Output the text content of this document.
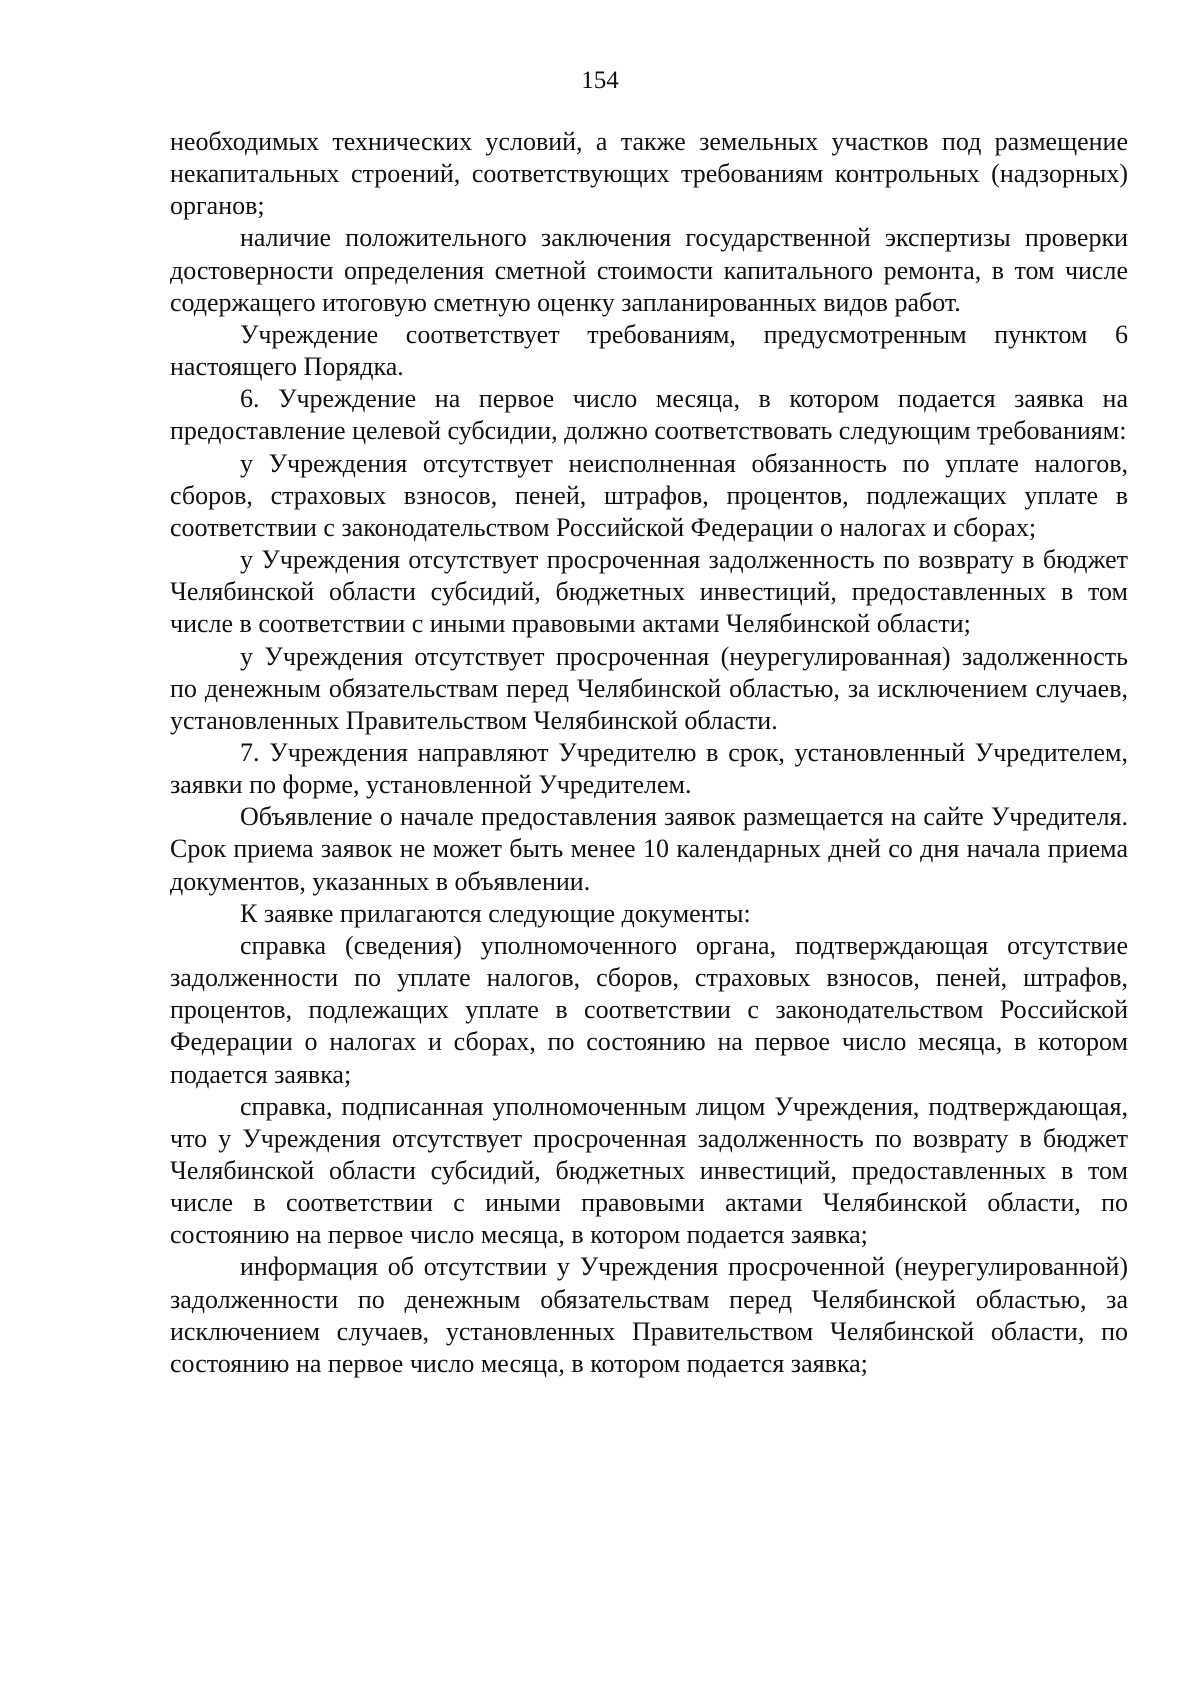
154

необходимых технических условий, а также земельных участков под размещение некапитальных строений, соответствующих требованиям контрольных (надзорных) органов;

наличие положительного заключения государственной экспертизы проверки достоверности определения сметной стоимости капитального ремонта, в том числе содержащего итоговую сметную оценку запланированных видов работ.

Учреждение соответствует требованиям, предусмотренным пунктом 6 настоящего Порядка.

6. Учреждение на первое число месяца, в котором подается заявка на предоставление целевой субсидии, должно соответствовать следующим требованиям:

у Учреждения отсутствует неисполненная обязанность по уплате налогов, сборов, страховых взносов, пеней, штрафов, процентов, подлежащих уплате в соответствии с законодательством Российской Федерации о налогах и сборах;

у Учреждения отсутствует просроченная задолженность по возврату в бюджет Челябинской области субсидий, бюджетных инвестиций, предоставленных в том числе в соответствии с иными правовыми актами Челябинской области;

у Учреждения отсутствует просроченная (неурегулированная) задолженность по денежным обязательствам перед Челябинской областью, за исключением случаев, установленных Правительством Челябинской области.

7. Учреждения направляют Учредителю в срок, установленный Учредителем, заявки по форме, установленной Учредителем.

Объявление о начале предоставления заявок размещается на сайте Учредителя. Срок приема заявок не может быть менее 10 календарных дней со дня начала приема документов, указанных в объявлении.

К заявке прилагаются следующие документы:

справка (сведения) уполномоченного органа, подтверждающая отсутствие задолженности по уплате налогов, сборов, страховых взносов, пеней, штрафов, процентов, подлежащих уплате в соответствии с законодательством Российской Федерации о налогах и сборах, по состоянию на первое число месяца, в котором подается заявка;

справка, подписанная уполномоченным лицом Учреждения, подтверждающая, что у Учреждения отсутствует просроченная задолженность по возврату в бюджет Челябинской области субсидий, бюджетных инвестиций, предоставленных в том числе в соответствии с иными правовыми актами Челябинской области, по состоянию на первое число месяца, в котором подается заявка;

информация об отсутствии у Учреждения просроченной (неурегулированной) задолженности по денежным обязательствам перед Челябинской областью, за исключением случаев, установленных Правительством Челябинской области, по состоянию на первое число месяца, в котором подается заявка;
